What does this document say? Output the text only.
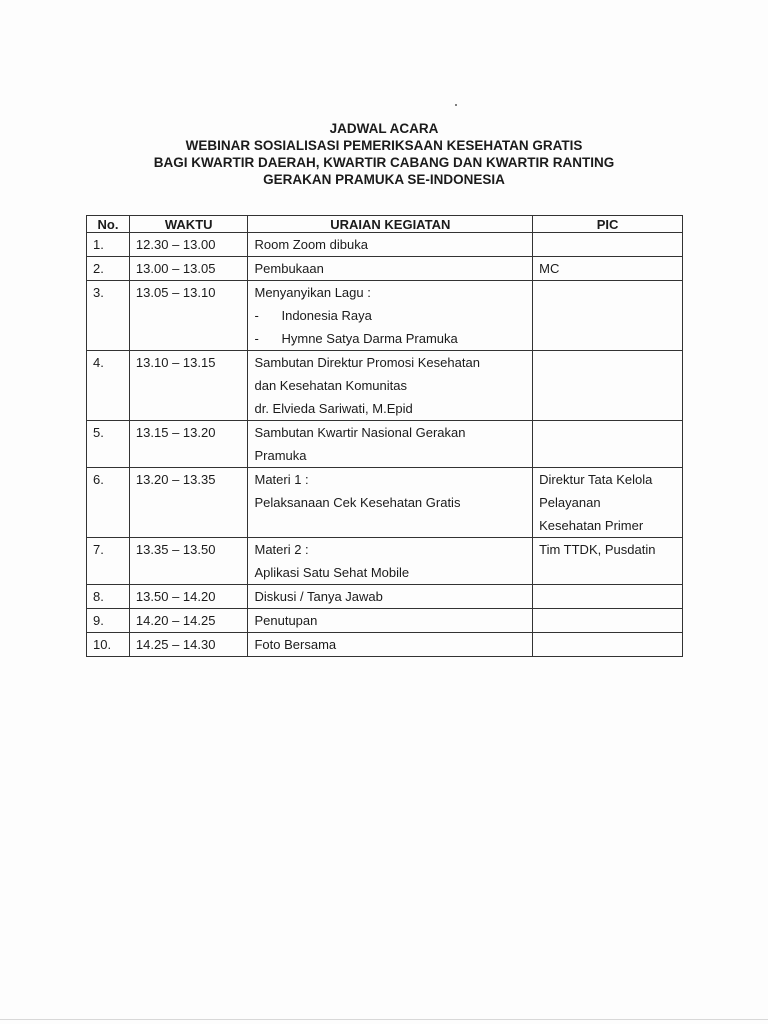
JADWAL ACARA
WEBINAR SOSIALISASI PEMERIKSAAN KESEHATAN GRATIS
BAGI KWARTIR DAERAH, KWARTIR CABANG DAN KWARTIR RANTING
GERAKAN PRAMUKA SE-INDONESIA
No.	WAKTU	URAIAN KEGIATAN	PIC
1.	12.30 – 13.00	Room Zoom dibuka	

2.	13.00 – 13.05	Pembukaan	MC

3.	13.05 – 13.10	Menyanyikan Lagu :
- Indonesia Raya
- Hymne Satya Darma Pramuka	

4.	13.10 – 13.15	Sambutan Direktur Promosi Kesehatan
dan Kesehatan Komunitas
dr. Elvieda Sariwati, M.Epid	

5.	13.15 – 13.20	Sambutan Kwartir Nasional Gerakan
Pramuka	

6.	13.20 – 13.35	Materi 1 :
Pelaksanaan Cek Kesehatan Gratis	Direktur Tata Kelola
Pelayanan
Kesehatan Primer

7.	13.35 – 13.50	Materi 2 :
Aplikasi Satu Sehat Mobile	Tim TTDK, Pusdatin

8.	13.50 – 14.20	Diskusi / Tanya Jawab	

9.	14.20 – 14.25	Penutupan	

10.	14.25 – 14.30	Foto Bersama	
